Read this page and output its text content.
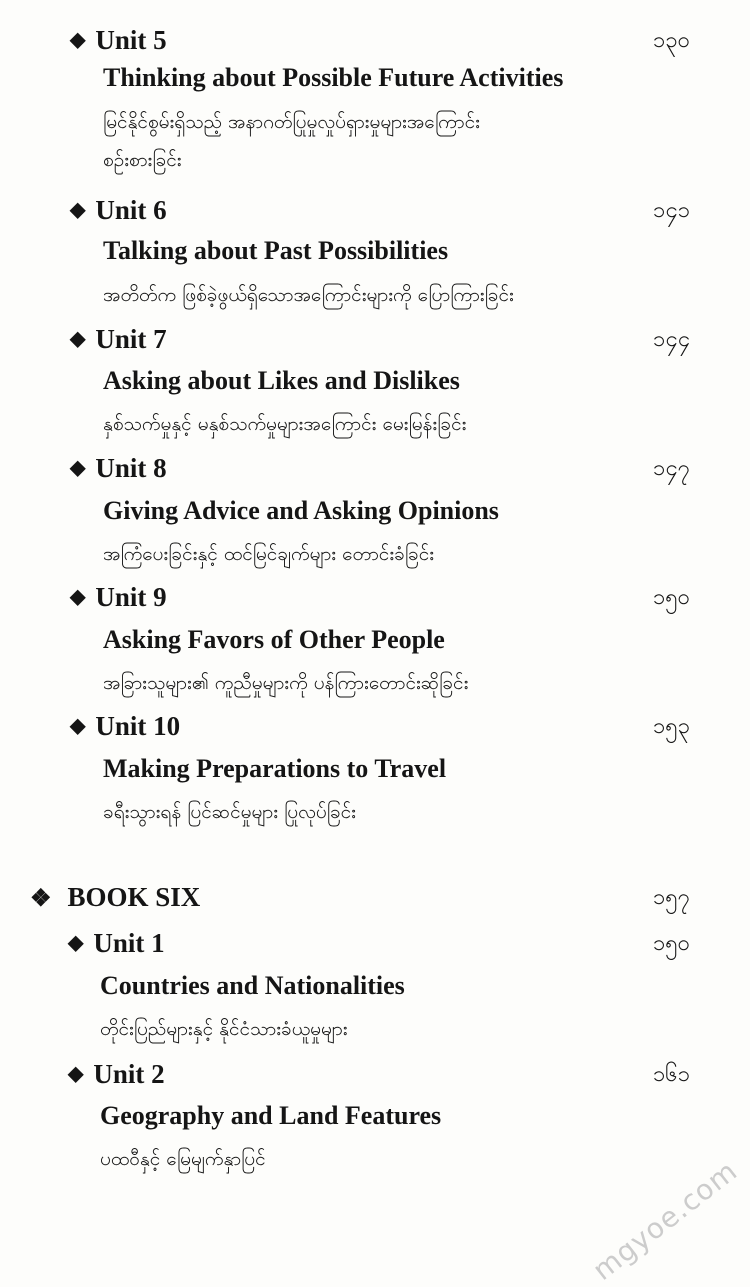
◆ Unit 5	၁၃၀
Thinking about Possible Future Activities
မြင်နိုင်စွမ်းရှိသည့် အနာဂတ်ပြုမှုလှုပ်ရှားမှုများအကြောင်း
စဉ်းစားခြင်း
◆ Unit 6	၁၄၁
Talking about Past Possibilities
အတိတ်က ဖြစ်ခဲ့ဖွယ်ရှိသောအကြောင်းများကို ပြောကြားခြင်း
◆ Unit 7	၁၄၄
Asking about Likes and Dislikes
နှစ်သက်မှုနှင့် မနှစ်သက်မှုများအကြောင်း မေးမြန်းခြင်း
◆ Unit 8	၁၄၇
Giving Advice and Asking Opinions
အကြံပေးခြင်းနှင့် ထင်မြင်ချက်များ တောင်းခံခြင်း
◆ Unit 9	၁၅၀
Asking Favors of Other People
အခြားသူများ၏ ကူညီမှုများကို ပန်ကြားတောင်းဆိုခြင်း
◆ Unit 10	၁၅၃
Making Preparations to Travel
ခရီးသွားရန် ပြင်ဆင်မှုများ ပြုလုပ်ခြင်း
❖ BOOK SIX	၁၅၇
◆ Unit 1	၁၅၀
Countries and Nationalities
တိုင်းပြည်များနှင့် နိုင်ငံသားခံယူမှုများ
◆ Unit 2	၁၆၁
Geography and Land Features
ပထဝီနှင့် မြေမျက်နှာပြင်	mgyoe.com
